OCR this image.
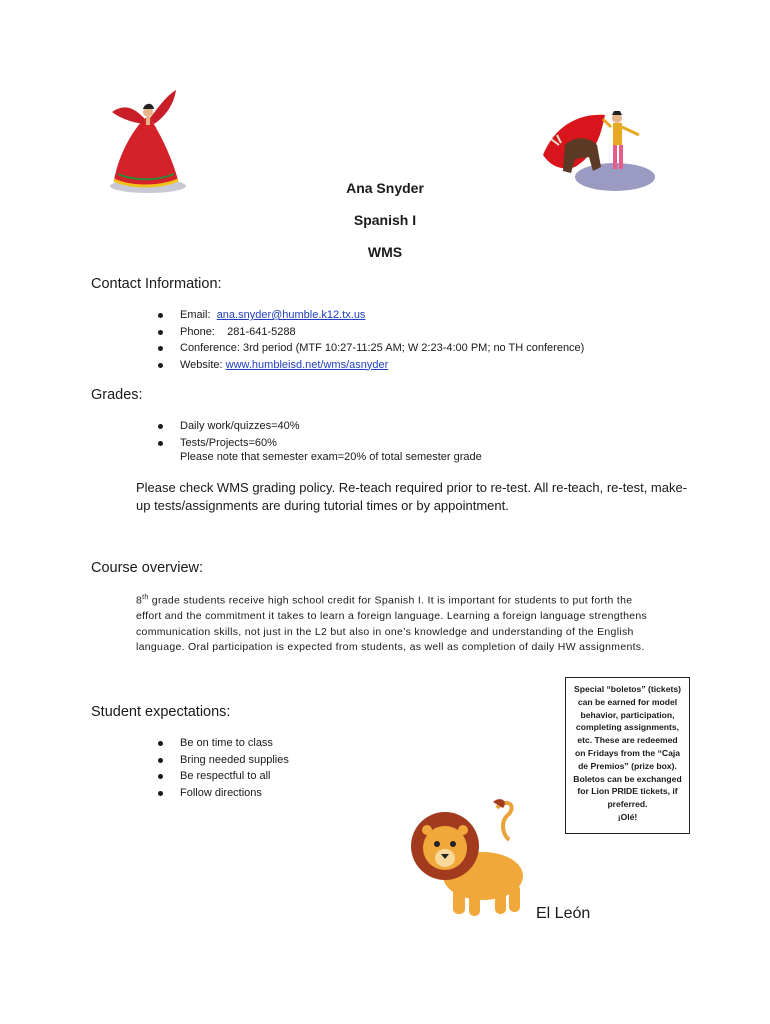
Ana Snyder
Spanish I
WMS
Contact Information:
Email: ana.snyder@humble.k12.tx.us
Phone: 281-641-5288
Conference: 3rd period (MTF 10:27-11:25 AM; W 2:23-4:00 PM; no TH conference)
Website: www.humbleisd.net/wms/asnyder
Grades:
Daily work/quizzes=40%
Tests/Projects=60%
Please note that semester exam=20% of total semester grade
Please check WMS grading policy. Re-teach required prior to re-test. All re-teach, re-test, make-
up tests/assignments are during tutorial times or by appointment.
Course overview:
8th grade students receive high school credit for Spanish I. It is important for students to put forth the
effort and the commitment it takes to learn a foreign language. Learning a foreign language strengthens
communication skills, not just in the L2 but also in one’s knowledge and understanding of the English
language. Oral participation is expected from students, as well as completion of daily HW assignments.
Student expectations:
Be on time to class
Bring needed supplies
Be respectful to all
Follow directions
Special “boletos” (tickets) can be earned for model behavior, participation, completing assignments, etc. These are redeemed on Fridays from the “Caja de Premios” (prize box). Boletos can be exchanged for Lion PRIDE tickets, if preferred.
¡Olé!
El León
